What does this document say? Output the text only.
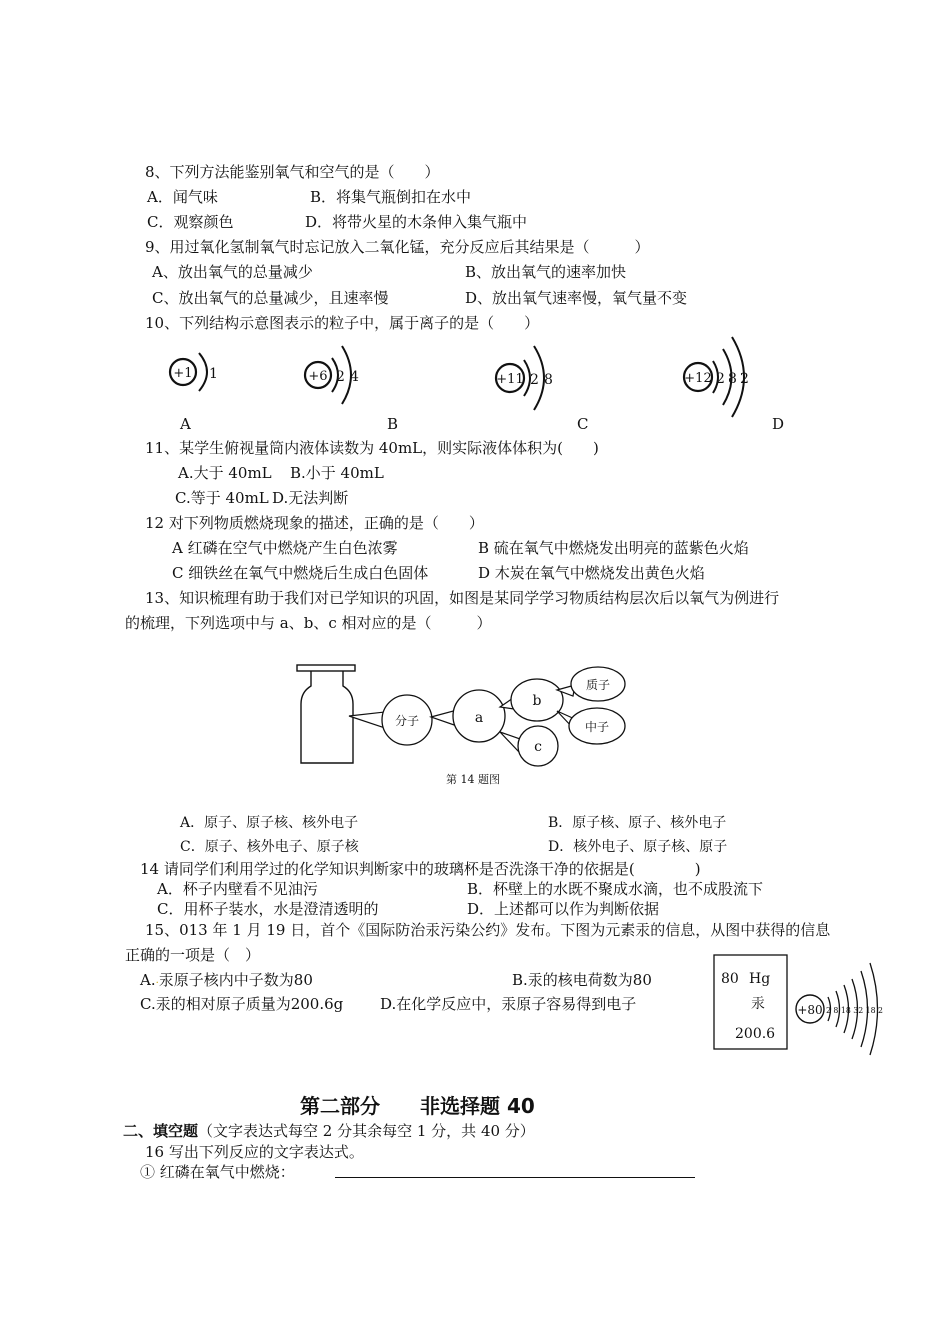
8、下列方法能鉴别氧气和空气的是（　　）
A．闻气味	B．将集气瓶倒扣在水中
C．观察颜色	D．将带火星的木条伸入集气瓶中
9、用过氧化氢制氧气时忘记放入二氧化锰，充分反应后其结果是（　　　）
A、放出氧气的总量减少	B、放出氧气的速率加快
C、放出氧气的总量减少，且速率慢	D、放出氧气速率慢，氧气量不变
10、下列结构示意图表示的粒子中，属于离子的是（　　）
+1 1
A
+6 2 4
B
+11 2 8
C
+12 2 8 2
D
11、某学生俯视量筒内液体读数为 40mL，则实际液体体积为(　　)
A.大于 40mL B.小于 40mL
C.等于 40mL D.无法判断
12 对下列物质燃烧现象的描述，正确的是（　　）
A 红磷在空气中燃烧产生白色浓雾	B 硫在氧气中燃烧发出明亮的蓝紫色火焰
C 细铁丝在氧气中燃烧后生成白色固体	D 木炭在氧气中燃烧发出黄色火焰
13、知识梳理有助于我们对已学知识的巩固，如图是某同学学习物质结构层次后以氧气为例进行
的梳理，下列选项中与 a、b、c 相对应的是（　　　）
分子	a
b
c
质子
中子
第 14 题图
A．原子、原子核、核外电子	B．原子核、原子、核外电子
C．原子、核外电子、原子核	D．核外电子、原子核、原子
14 请同学们利用学过的化学知识判断家中的玻璃杯是否洗涤干净的依据是(　　　　)
A．杯子内壁看不见油污	B．杯壁上的水既不聚成水滴，也不成股流下
C．用杯子装水，水是澄清透明的	D．上述都可以作为判断依据
15、013 年 1 月 19 日，首个《国际防治汞污染公约》发布。下图为元素汞的信息，从图中获得的信息
正确的一项是（　）
A..汞原子核内中子数为80	B.汞的核电荷数为80
C.汞的相对原子质量为200.6g D.在化学反应中，汞原子容易得到电子
80 Hg
汞
200.6
+80 2 8 18 32 18 2
第二部分　　非选择题 40
二、填空题（文字表达式每空 2 分其余每空 1 分，共 40 分）
16 写出下列反应的文字表达式。
① 红磷在氧气中燃烧：
